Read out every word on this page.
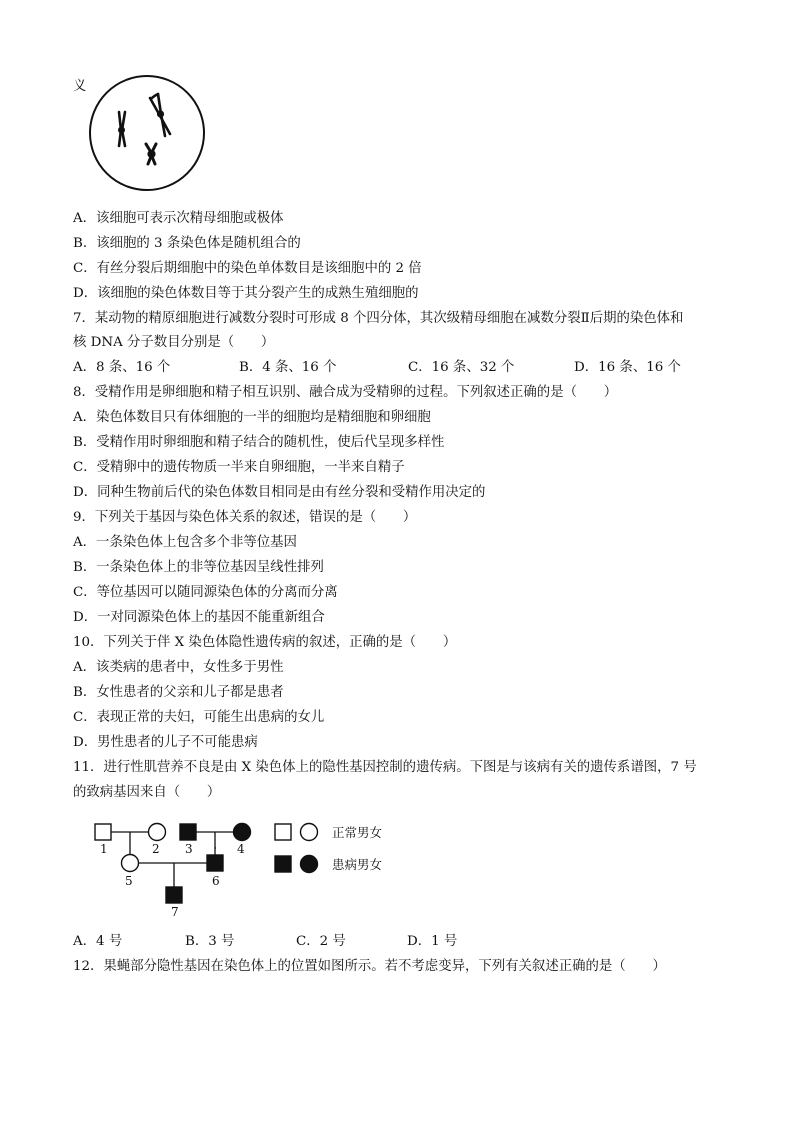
义
A．该细胞可表示次精母细胞或极体
B．该细胞的 3 条染色体是随机组合的
C．有丝分裂后期细胞中的染色单体数目是该细胞中的 2 倍
D．该细胞的染色体数目等于其分裂产生的成熟生殖细胞的
7．某动物的精原细胞进行减数分裂时可形成 8 个四分体，其次级精母细胞在减数分裂Ⅱ后期的染色体和
核 DNA 分子数目分别是（　　）
A．8 条、16 个	B．4 条、16 个	C．16 条、32 个	D．16 条、16 个
8．受精作用是卵细胞和精子相互识别、融合成为受精卵的过程。下列叙述正确的是（　　）
A．染色体数目只有体细胞的一半的细胞均是精细胞和卵细胞
B．受精作用时卵细胞和精子结合的随机性，使后代呈现多样性
C．受精卵中的遗传物质一半来自卵细胞，一半来自精子
D．同种生物前后代的染色体数目相同是由有丝分裂和受精作用决定的
9．下列关于基因与染色体关系的叙述，错误的是（　　）
A．一条染色体上包含多个非等位基因
B．一条染色体上的非等位基因呈线性排列
C．等位基因可以随同源染色体的分离而分离
D．一对同源染色体上的基因不能重新组合
10．下列关于伴 X 染色体隐性遗传病的叙述，正确的是（　　）
A．该类病的患者中，女性多于男性
B．女性患者的父亲和儿子都是患者
C．表现正常的夫妇，可能生出患病的女儿
D．男性患者的儿子不可能患病
11．进行性肌营养不良是由 X 染色体上的隐性基因控制的遗传病。下图是与该病有关的遗传系谱图，7 号
的致病基因来自（　　）
1	2 3	4
5	6
7
正常男女
患病男女
A．4 号	B．3 号	C．2 号	D．1 号
12．果蝇部分隐性基因在染色体上的位置如图所示。若不考虑变异，下列有关叙述正确的是（　　）
